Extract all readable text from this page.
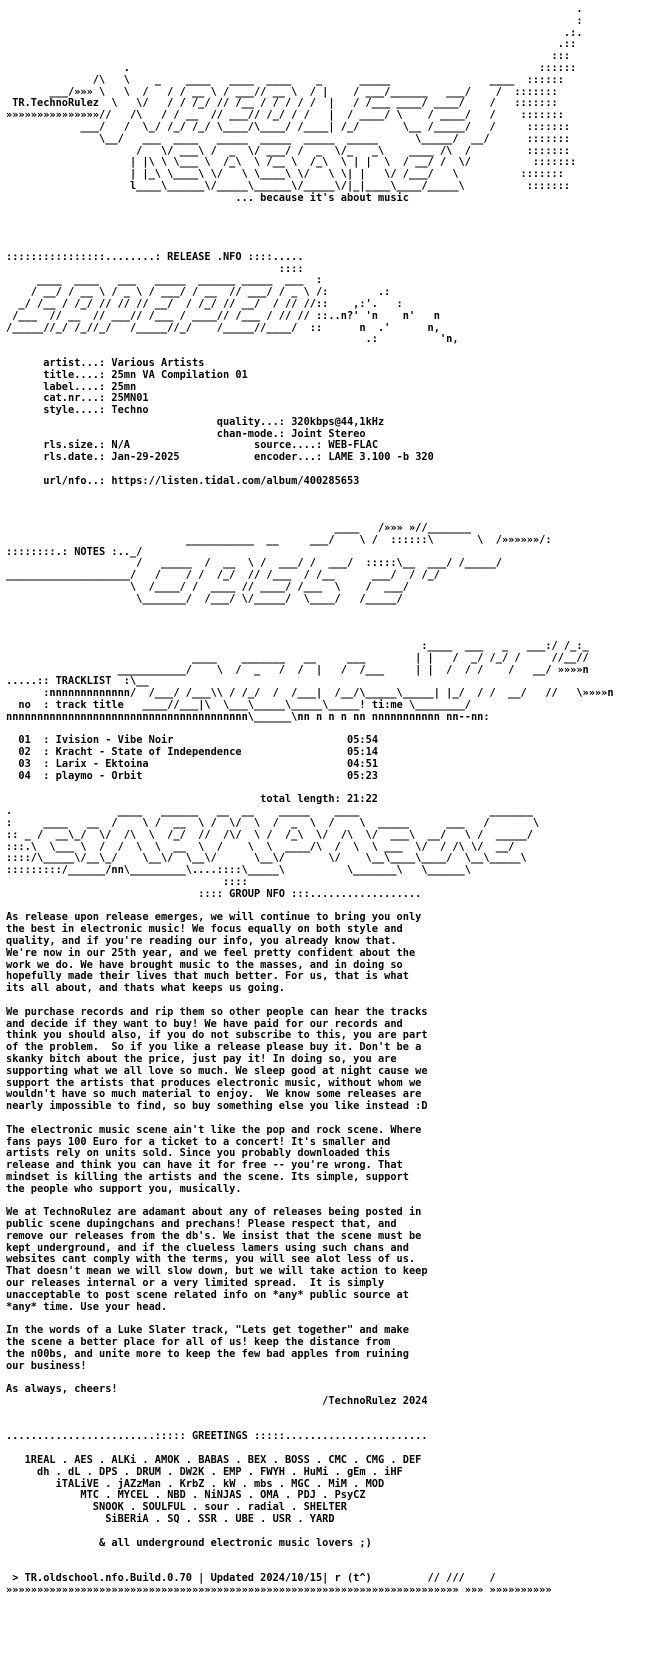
.
:
.:.
.::
:::
.                                                                  ::::::
/\   \    _    ____   ____  ____    _      _____                ____  ::::::
___/»»» \   \  /   / / __ \ / ___// __ \  / |    / ___/______   ___/    /  :::::::
TR.TechnoRulez  \   \/   / / /_/ // /__ / / / / /  |   / /___ ____/ ____/    /   :::::::
»»»»»»»»»»»»»»»//   /\   / / __  // ___// /_/ / /   |  / ____/ \    / ____/   /    :::::::
___/   /  \_/ /_/ /_/ \____/\____/ /____| /_/       \__ /_____/   /     :::::::
\__/   ___  ____   _____  _____  _____  _____      \_____/  __/      :::::::
/   \/ ___\ /  _  \/ ___/ /  _  \/_   _\    ____ /\  /         :::::::
| |\ \ \___ \  /_\  \ /__ \  /_\  \ | |  \  / __/ /  \/          :::::::
| |_\ \____\ \/   \ \____\ \/   \ \| |   \/ /___/   \          :::::::
l____\______\/_____\______\/_____\/|_|____\____/_____\          :::::::
... because it's about music

::::::::::::::::........: RELEASE .NFO ::::.....
::::
____  ____   ___   _____  ______ _____  ___  :
/ __/ / __ \ / _ \ / ___/ / __  // ___/ / _ \ /:        .:
_/ /__ / /_/ // // // __/  / /_/ // __/  / // //::    ,:'.   :
/___  // __  // ___// /___ / ____// /___ / // // ::..n?' 'n    n'   n
/_____//_/ /_//_/   /_____//_/    /_____//____/  ::      n  .'      n,
.:          'n,

artist...: Various Artists
title....: 25mn VA Compilation 01
label....: 25mn
cat.nr...: 25MN01
style....: Techno
quality...: 320kbps@44,1kHz
chan-mode.: Joint Stereo
rls.size.: N/A	source....: WEB-FLAC
rls.date.: Jan-29-2025	encoder...: LAME 3.100 -b 320

url/nfo..: https://listen.tidal.com/album/400285653

____   /»»» »//_______
___________  __     ___/    \ /  ::::::\       \  /»»»»»»/:
::::::::.: NOTES :.._/
/   _____  /  __  \ /  ___/ /  ___/  :::::\__  ___/ /_____/
____________________/   /    / /  /_/  // /___  / /__      ___/  / /_/
\  /____/ /  ____ // ____/ /___  \    /  ___/
\_______/  /___/ \/_____/  \____/   /_____/

:____  ___   _   ___:/ /_:_
____    _______   __     ___        | |   /  _/ /_/ /     //__//
___________/    \  /  _   /  /  |   /  /___     | |  /  / /    /   __/ »»»»n
.....:: TRACKLIST  :\__
:nnnnnnnnnnnnn/  /___/ /___\\ / /_/  /  /___|  /__/\_____\_____| |_/  / /  __/   //   \»»»»n
no  : track title   ____//___|\  \___\_____\_____\_____! ti:me \________/
nnnnnnnnnnnnnnnnnnnnnnnnnnnnnnnnnnnnnnn\______\nn n n n nn nnnnnnnnnnn nn--nn:

01  : Ivision - Vibe Noir	05:54
02  : Kracht - State of Independence	05:14
03  : Larix - Ektoina	04:51
04  : playmo - Orbit	05:23

total length: 21:22
.                 ____   ______   __  __    _____    ____                     _______
:     ____   __  /    \ /  __  \ /  \/  \  /  _  \  /    \  _____      ___   /       \
:: _ /  __\_/  \/  /\  \  /_/  //  /\/  \ /  /_\  \/  /\  \/  ___\  __/   \ /  _____/
:::.\  \___ \  /  /  \  \  __  \  /    \  \  ____/\  /  \  \ ___  \/  / /\ \/  __/
::::/\_____\/__\_/    \__\/  \__\/      \__\/       \/    \__\____\____/  \__\_____\
:::::::::/______/nn\_________\....::::\_____\          \_______\   \______\
::::
:::: GROUP NFO :::..................

As release upon release emerges, we will continue to bring you only
the best in electronic music! We focus equally on both style and
quality, and if you're reading our info, you already know that.
We're now in our 25th year, and we feel pretty confident about the
work we do. We have brought music to the masses, and in doing so
hopefully made their lives that much better. For us, that is what
its all about, and thats what keeps us going.
We purchase records and rip them so other people can hear the tracks
and decide if they want to buy! We have paid for our records and
think you should also, if you do not subscribe to this, you are part
of the problem.  So if you like a release please buy it. Don't be a
skanky bitch about the price, just pay it! In doing so, you are
supporting what we all love so much. We sleep good at night cause we
support the artists that produces electronic music, without whom we
wouldn't have so much material to enjoy.  We know some releases are
nearly impossible to find, so buy something else you like instead :D
The electronic music scene ain't like the pop and rock scene. Where
fans pays 100 Euro for a ticket to a concert! It's smaller and
artists rely on units sold. Since you probably downloaded this
release and think you can have it for free -- you're wrong. That
mindset is killing the artists and the scene. Its simple, support
the people who support you, musically.
We at TechnoRulez are adamant about any of releases being posted in
public scene dupingchans and prechans! Please respect that, and
remove our releases from the db's. We insist that the scene must be
kept underground, and if the clueless lamers using such chans and
websites cant comply with the terms, you will see alot less of us.
That doesn't mean we will slow down, but we will take action to keep
our releases internal or a very limited spread.  It is simply
unacceptable to post scene related info on *any* public source at
*any* time. Use your head.
In the words of a Luke Slater track, "Lets get together" and make
the scene a better place for all of us! keep the distance from
the n00bs, and unite more to keep the few bad apples from ruining
our business!
As always, cheers!
/TechnoRulez 2024

........................::::: GREETINGS :::::.......................

1REAL . AES . ALKi . AMOK . BABAS . BEX . BOSS . CMC . CMG . DEF
dh . dL . DPS . DRUM . DW2K . EMP . FWYH . HuMi . gEm . iHF
iTALiVE . jAZzMan . KrbZ . kW . mbs . MGC . MiM . MOD
MTC . MYCEL . NBD . NiNJAS . OMA . PDJ . PsyCZ
SNOOK . SOULFUL . sour . radial . SHELTER
SiBERiA . SQ . SSR . UBE . USR . YARD

& all underground electronic music lovers ;)

> TR.oldschool.nfo.Build.0.70 | Updated 2024/10/15| r (t^)         // ///    /
»»»»»»»»»»»»»»»»»»»»»»»»»»»»»»»»»»»»»»»»»»»»»»»»»»»»»»»»»»»»»»»»»»»»»»»»» »»» »»»»»»»»»»
